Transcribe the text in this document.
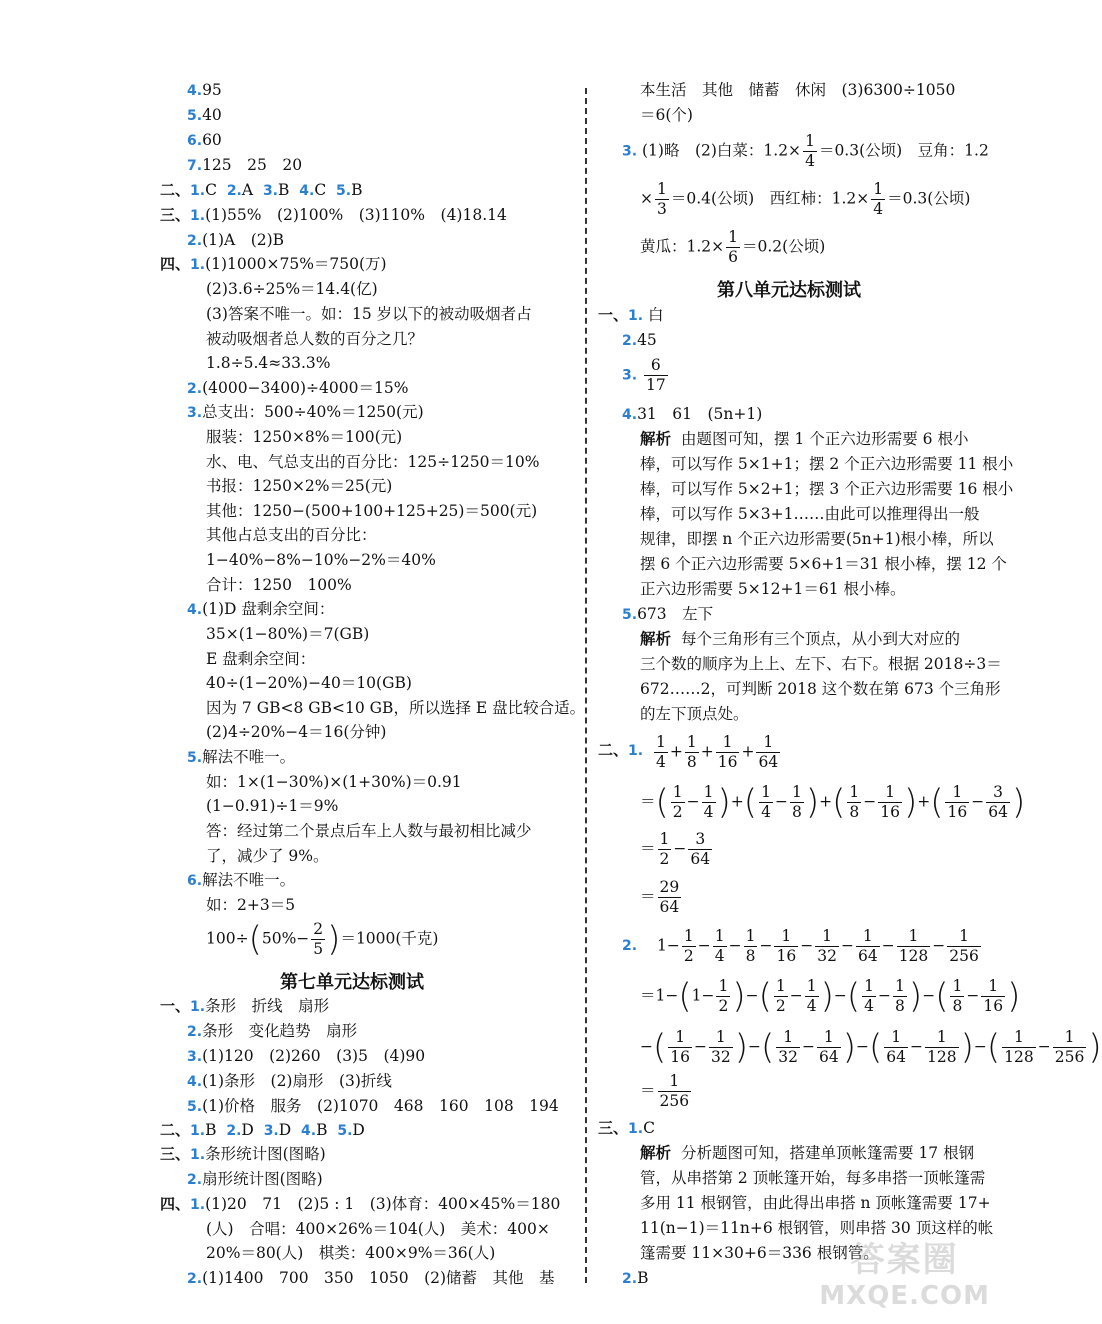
4.95
5.40
6.60
7.125　25　20
二、1.C 2.A 3.B 4.C 5.B
三、1.(1)55%　(2)100%　(3)110%　(4)18.14
2.(1)A　(2)B
四、1.(1)1000×75%＝750(万)
(2)3.6÷25%＝14.4(亿)
(3)答案不唯一。如：15 岁以下的被动吸烟者占
被动吸烟者总人数的百分之几？
1.8÷5.4≈33.3%
2.(4000−3400)÷4000＝15%
3.总支出：500÷40%＝1250(元)
服装：1250×8%＝100(元)
水、电、气总支出的百分比：125÷1250＝10%
书报：1250×2%＝25(元)
其他：1250−(500+100+125+25)＝500(元)
其他占总支出的百分比：
1−40%−8%−10%−2%＝40%
合计：1250　100%
4.(1)D 盘剩余空间：
35×(1−80%)＝7(GB)
E 盘剩余空间：
40÷(1−20%)−40＝10(GB)
因为 7 GB<8 GB<10 GB，所以选择 E 盘比较合适。
(2)4÷20%−4＝16(分钟)
5.解法不唯一。
如：1×(1−30%)×(1+30%)＝0.91
(1−0.91)÷1＝9%
答：经过第二个景点后车上人数与最初相比减少
了，减少了 9%。
6.解法不唯一。
如：2+3＝5
$100\div(50\%- \frac{2}{5} )=1000$(千克)
第七单元达标测试
一、1.条形　折线　扇形
2.条形　变化趋势　扇形
3.(1)120　(2)260　(3)5　(4)90
4.(1)条形　(2)扇形　(3)折线
5.(1)价格　服务　(2)1070　468　160　108　194
二、1.B 2.D 3.D 4.B 5.D
三、1.条形统计图(图略)
2.扇形统计图(图略)
四、1.(1)20　71　(2)5 : 1　(3)体育：400×45%＝180
(人)　合唱：400×26%＝104(人)　美术：400×
20%＝80(人)　棋类：400×9%＝36(人)
2.(1)1400　700　350　1050　(2)储蓄　其他　基
本生活　其他　储蓄　休闲　(3)6300÷1050
＝6(个)
3. (1)略　(2)白菜：$1.2\times \frac{1}{4} =0.3$(公顷)　豆角：1.2
× $\frac{1}{3} =0.4$(公顷)　西红柿：$1.2\times \frac{1}{4} =0.3$(公顷)
黄瓜：$1.2\times \frac{1}{6} =0.2$(公顷)
第八单元达标测试
一、1. 白
2.45
3. $\frac{6}{17}$
4.31　61　(5n+1)
解析 由题图可知，摆 1 个正六边形需要 6 根小
棒，可以写作 5×1+1；摆 2 个正六边形需要 11 根小
棒，可以写作 5×2+1；摆 3 个正六边形需要 16 根小
棒，可以写作 5×3+1……由此可以推理得出一般
规律，即摆 n 个正六边形需要(5n+1)根小棒，所以
摆 6 个正六边形需要 5×6+1＝31 根小棒，摆 12 个
正六边形需要 5×12+1＝61 根小棒。
5.673　左下
解析 每个三角形有三个顶点，从小到大对应的
三个数的顺序为上上、左下、右下。根据 2018÷3＝
672……2，可判断 2018 这个数在第 673 个三角形
的左下顶点处。
二、1. $\frac{1}{4} + \frac{1}{8} + \frac{1}{16} + \frac{1}{64}$
＝( $\frac{1}{2} - \frac{1}{4}$ )+( $\frac{1}{4} - \frac{1}{8}$ )+( $\frac{1}{8} - \frac{1}{16}$ )+( $\frac{1}{16} - \frac{3}{64}$ )
＝ $\frac{1}{2} - \frac{3}{64}$
＝ $\frac{29}{64}$
2. $1- \frac{1}{2} - \frac{1}{4} - \frac{1}{8} - \frac{1}{16} - \frac{1}{32} - \frac{1}{64} - \frac{1}{128} - \frac{1}{256}$
$=1-(1- \frac{1}{2}$ )−( $\frac{1}{2} - \frac{1}{4}$ )−( $\frac{1}{4} - \frac{1}{8}$ )−( $\frac{1}{8} - \frac{1}{16}$ )
−( $\frac{1}{16} - \frac{1}{32}$ )−( $\frac{1}{32} - \frac{1}{64}$ )−( $\frac{1}{64} - \frac{1}{128}$ )−( $\frac{1}{128} - \frac{1}{256}$ )
＝ $\frac{1}{256}$
三、1.C
解析 分析题图可知，搭建单顶帐篷需要 17 根钢
管，从串搭第 2 顶帐篷开始，每多串搭一顶帐篷需
多用 11 根钢管，由此得出串搭 n 顶帐篷需要 17+
11(n−1)＝11n+6 根钢管，则串搭 30 顶这样的帐
篷需要 11×30+6＝336 根钢管。
2.B	答案圈
MXQE.COM
